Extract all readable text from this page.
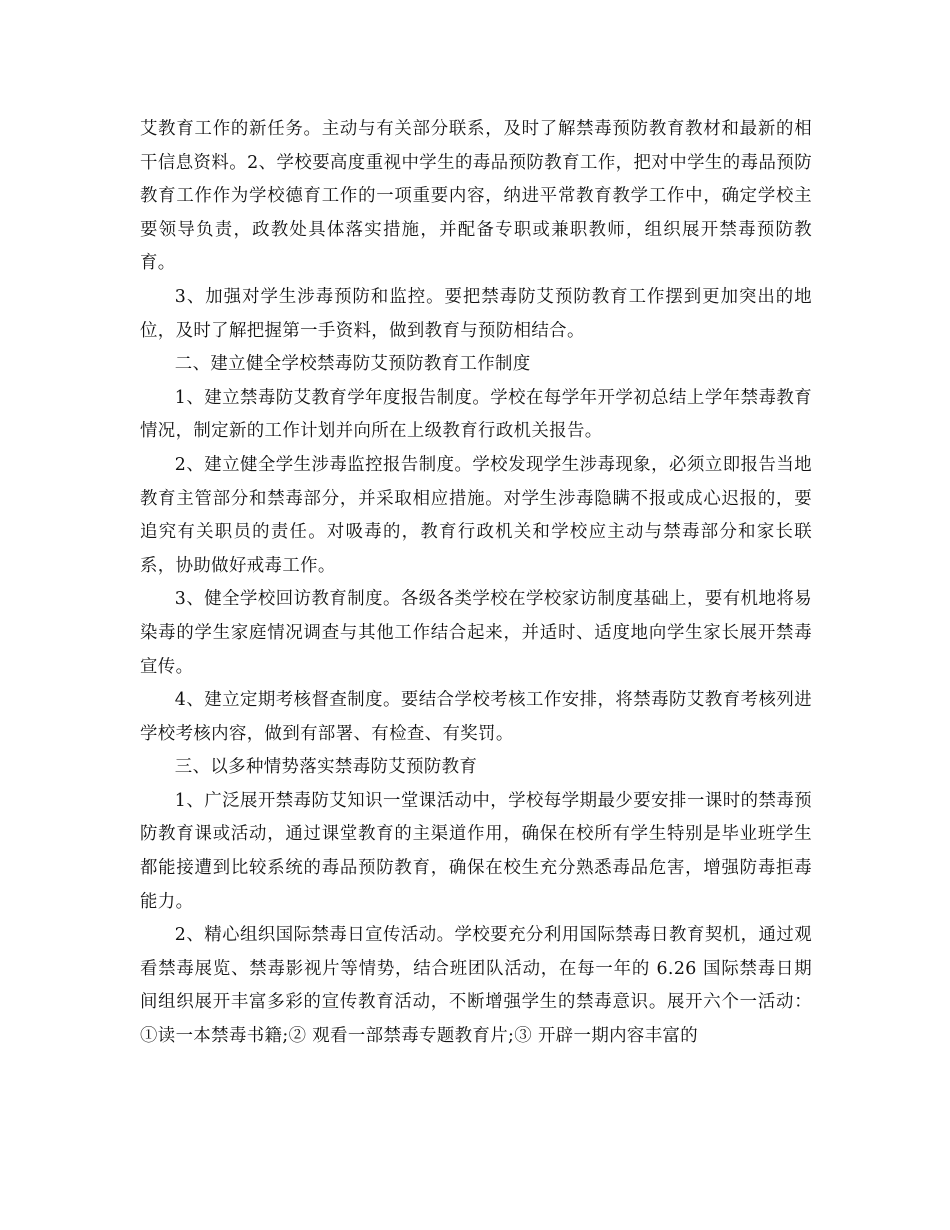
艾教育工作的新任务。主动与有关部分联系，及时了解禁毒预防教育教材和最新的相干信息资料。2、学校要高度重视中学生的毒品预防教育工作，把对中学生的毒品预防教育工作作为学校德育工作的一项重要内容，纳进平常教育教学工作中，确定学校主要领导负责，政教处具体落实措施，并配备专职或兼职教师，组织展开禁毒预防教育。

3、加强对学生涉毒预防和监控。要把禁毒防艾预防教育工作摆到更加突出的地位，及时了解把握第一手资料，做到教育与预防相结合。

二、建立健全学校禁毒防艾预防教育工作制度

1、建立禁毒防艾教育学年度报告制度。学校在每学年开学初总结上学年禁毒教育情况，制定新的工作计划并向所在上级教育行政机关报告。

2、建立健全学生涉毒监控报告制度。学校发现学生涉毒现象，必须立即报告当地教育主管部分和禁毒部分，并采取相应措施。对学生涉毒隐瞒不报或成心迟报的，要追究有关职员的责任。对吸毒的，教育行政机关和学校应主动与禁毒部分和家长联系，协助做好戒毒工作。

3、健全学校回访教育制度。各级各类学校在学校家访制度基础上，要有机地将易染毒的学生家庭情况调查与其他工作结合起来，并适时、适度地向学生家长展开禁毒宣传。

4、建立定期考核督查制度。要结合学校考核工作安排，将禁毒防艾教育考核列进学校考核内容，做到有部署、有检查、有奖罚。

三、以多种情势落实禁毒防艾预防教育

1、广泛展开禁毒防艾知识一堂课活动中，学校每学期最少要安排一课时的禁毒预防教育课或活动，通过课堂教育的主渠道作用，确保在校所有学生特别是毕业班学生都能接遭到比较系统的毒品预防教育，确保在校生充分熟悉毒品危害，增强防毒拒毒能力。

2、精心组织国际禁毒日宣传活动。学校要充分利用国际禁毒日教育契机，通过观看禁毒展览、禁毒影视片等情势，结合班团队活动，在每一年的 6.26 国际禁毒日期间组织展开丰富多彩的宣传教育活动，不断增强学生的禁毒意识。展开六个一活动：①读一本禁毒书籍;② 观看一部禁毒专题教育片;③ 开辟一期内容丰富的
